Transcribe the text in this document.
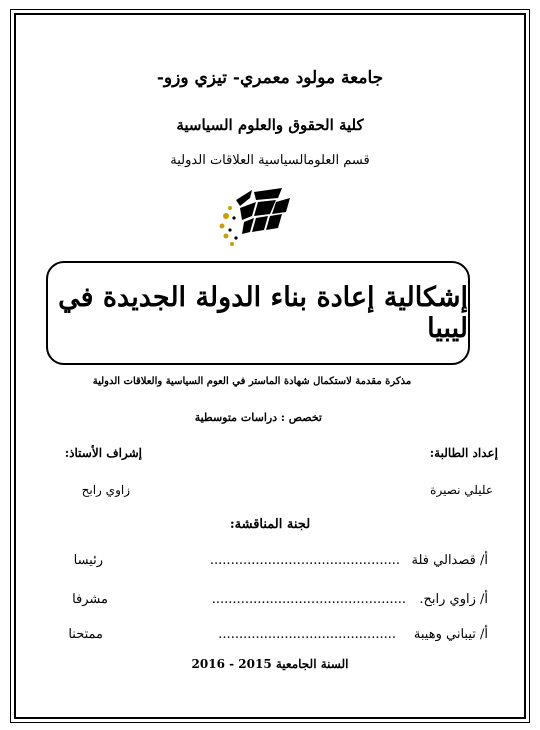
جامعة مولود معمري- تيزي وزو-
كلية الحقوق والعلوم السياسية
قسم العلومالسياسية العلاقات الدولية
إشكالية إعادة بناء الدولة الجديدة في ليبيا
مذكرة مقدمة لاستكمال شهادة الماستر في العوم السياسية والعلاقات الدولية
تخصص : دراسات متوسطية
إعداد الطالبة:
إشراف الأستاذ:
عليلي نصيرة
زاوي رابح
لجنة المناقشة:
أ/ قصدالي فلة
..............................................
رئيسا
أ/ زاوي رابح.
...............................................
مشرفا
أ/ تيباني وهيبة
...........................................
ممتحنا
السنة الجامعية 2015 - 2016
